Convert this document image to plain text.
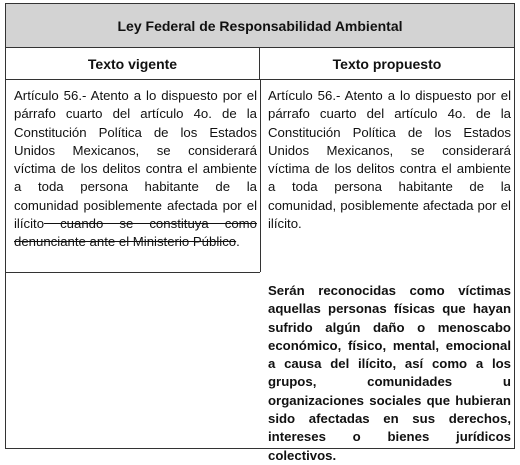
Ley Federal de Responsabilidad Ambiental
Texto vigente	Texto propuesto
Artículo 56.- Atento a lo dispuesto por el párrafo cuarto del artículo 4o. de la Constitución Política de los Estados Unidos Mexicanos, se considerará víctima de los delitos contra el ambiente a toda persona habitante de la comunidad posiblemente afectada por el ilícito cuando se constituya como denunciante ante el Ministerio Público.
Artículo 56.- Atento a lo dispuesto por el párrafo cuarto del artículo 4o. de la Constitución Política de los Estados Unidos Mexicanos, se considerará víctima de los delitos contra el ambiente a toda persona habitante de la comunidad, posiblemente afectada por el ilícito.
Serán reconocidas como víctimas aquellas personas físicas que hayan sufrido algún daño o menoscabo económico, físico, mental, emocional a causa del ilícito, así como a los grupos, comunidades u organizaciones sociales que hubieran sido afectadas en sus derechos, intereses o bienes jurídicos colectivos.
